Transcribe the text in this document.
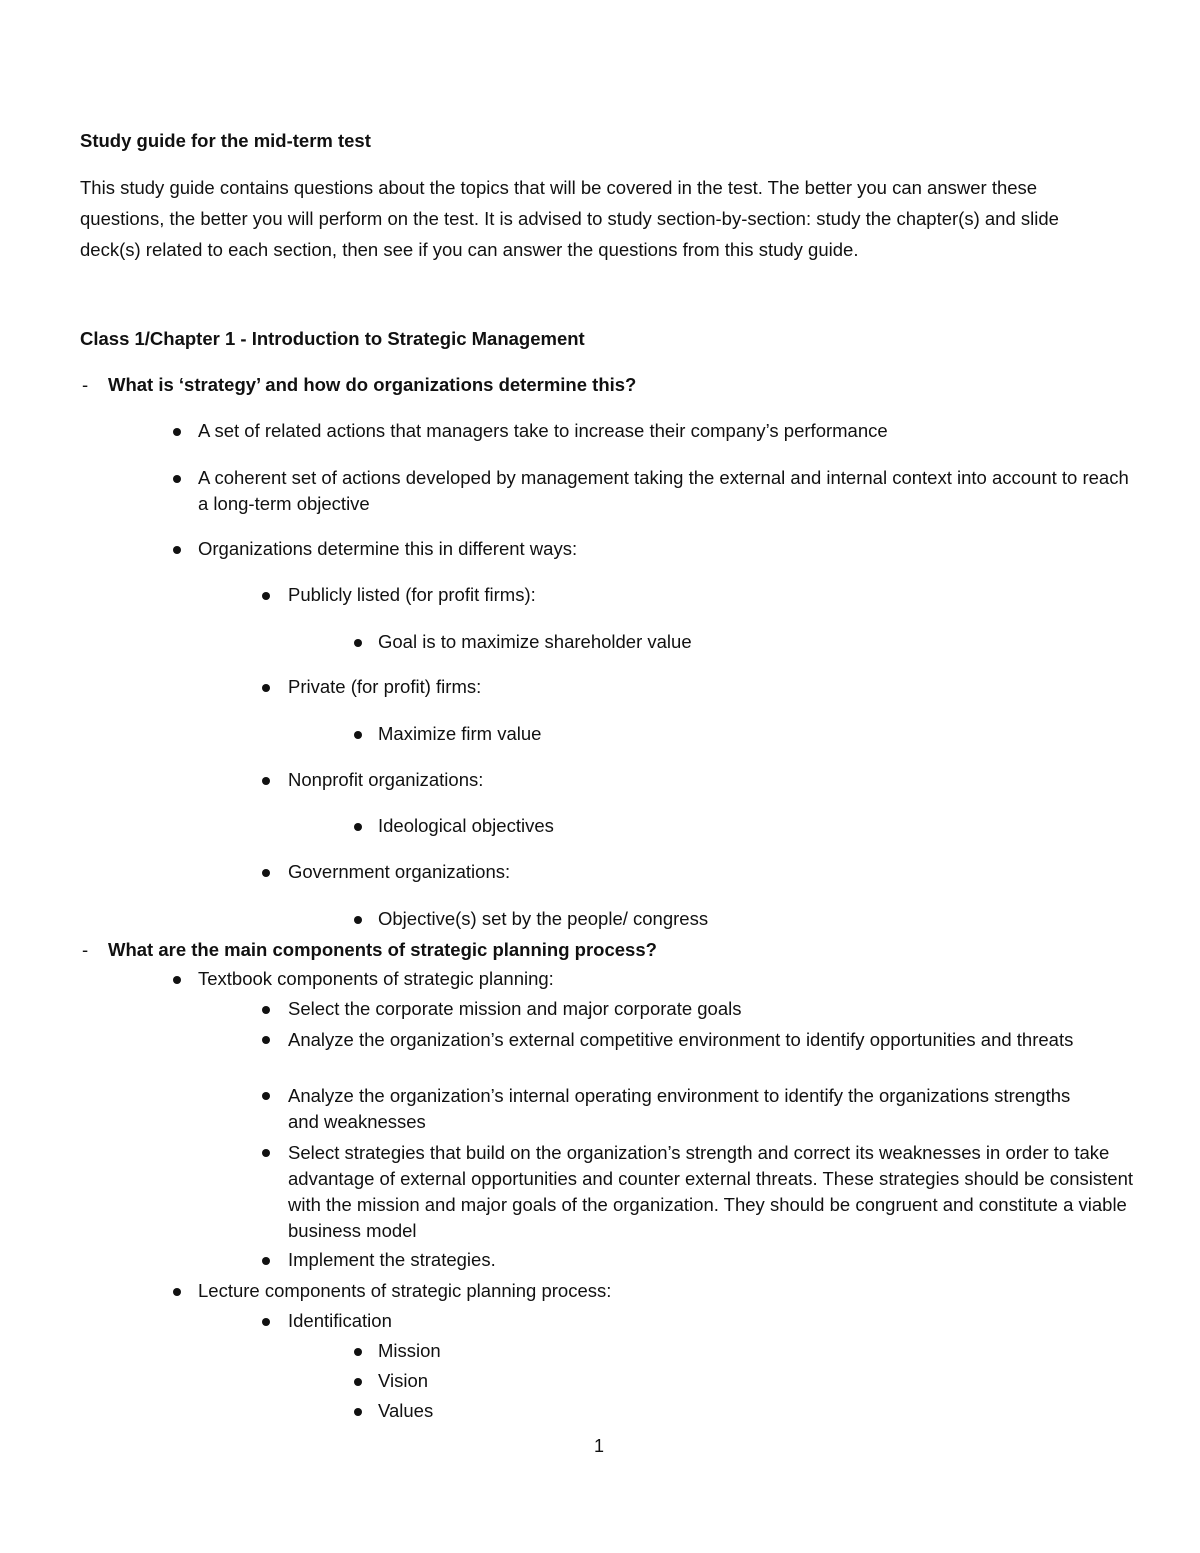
Study guide for the mid-term test
This study guide contains questions about the topics that will be covered in the test. The better you can answer these questions, the better you will perform on the test. It is advised to study section-by-section: study the chapter(s) and slide deck(s) related to each section, then see if you can answer the questions from this study guide.
Class 1/Chapter 1 - Introduction to Strategic Management
- What is ‘strategy’ and how do organizations determine this?
A set of related actions that managers take to increase their company’s performance
A coherent set of actions developed by management taking the external and internal context into account to reach a long-term objective
Organizations determine this in different ways:
Publicly listed (for profit firms):
Goal is to maximize shareholder value
Private (for profit) firms:
Maximize firm value
Nonprofit organizations:
Ideological objectives
Government organizations:
Objective(s) set by the people/ congress
- What are the main components of strategic planning process?
Textbook components of strategic planning:
Select the corporate mission and major corporate goals
Analyze the organization’s external competitive environment to identify opportunities and threats
Analyze the organization’s internal operating environment to identify the organizations strengths and weaknesses
Select strategies that build on the organization’s strength and correct its weaknesses in order to take advantage of external opportunities and counter external threats. These strategies should be consistent with the mission and major goals of the organization. They should be congruent and constitute a viable business model
Implement the strategies.
Lecture components of strategic planning process:
Identification
Mission
Vision
Values
1
